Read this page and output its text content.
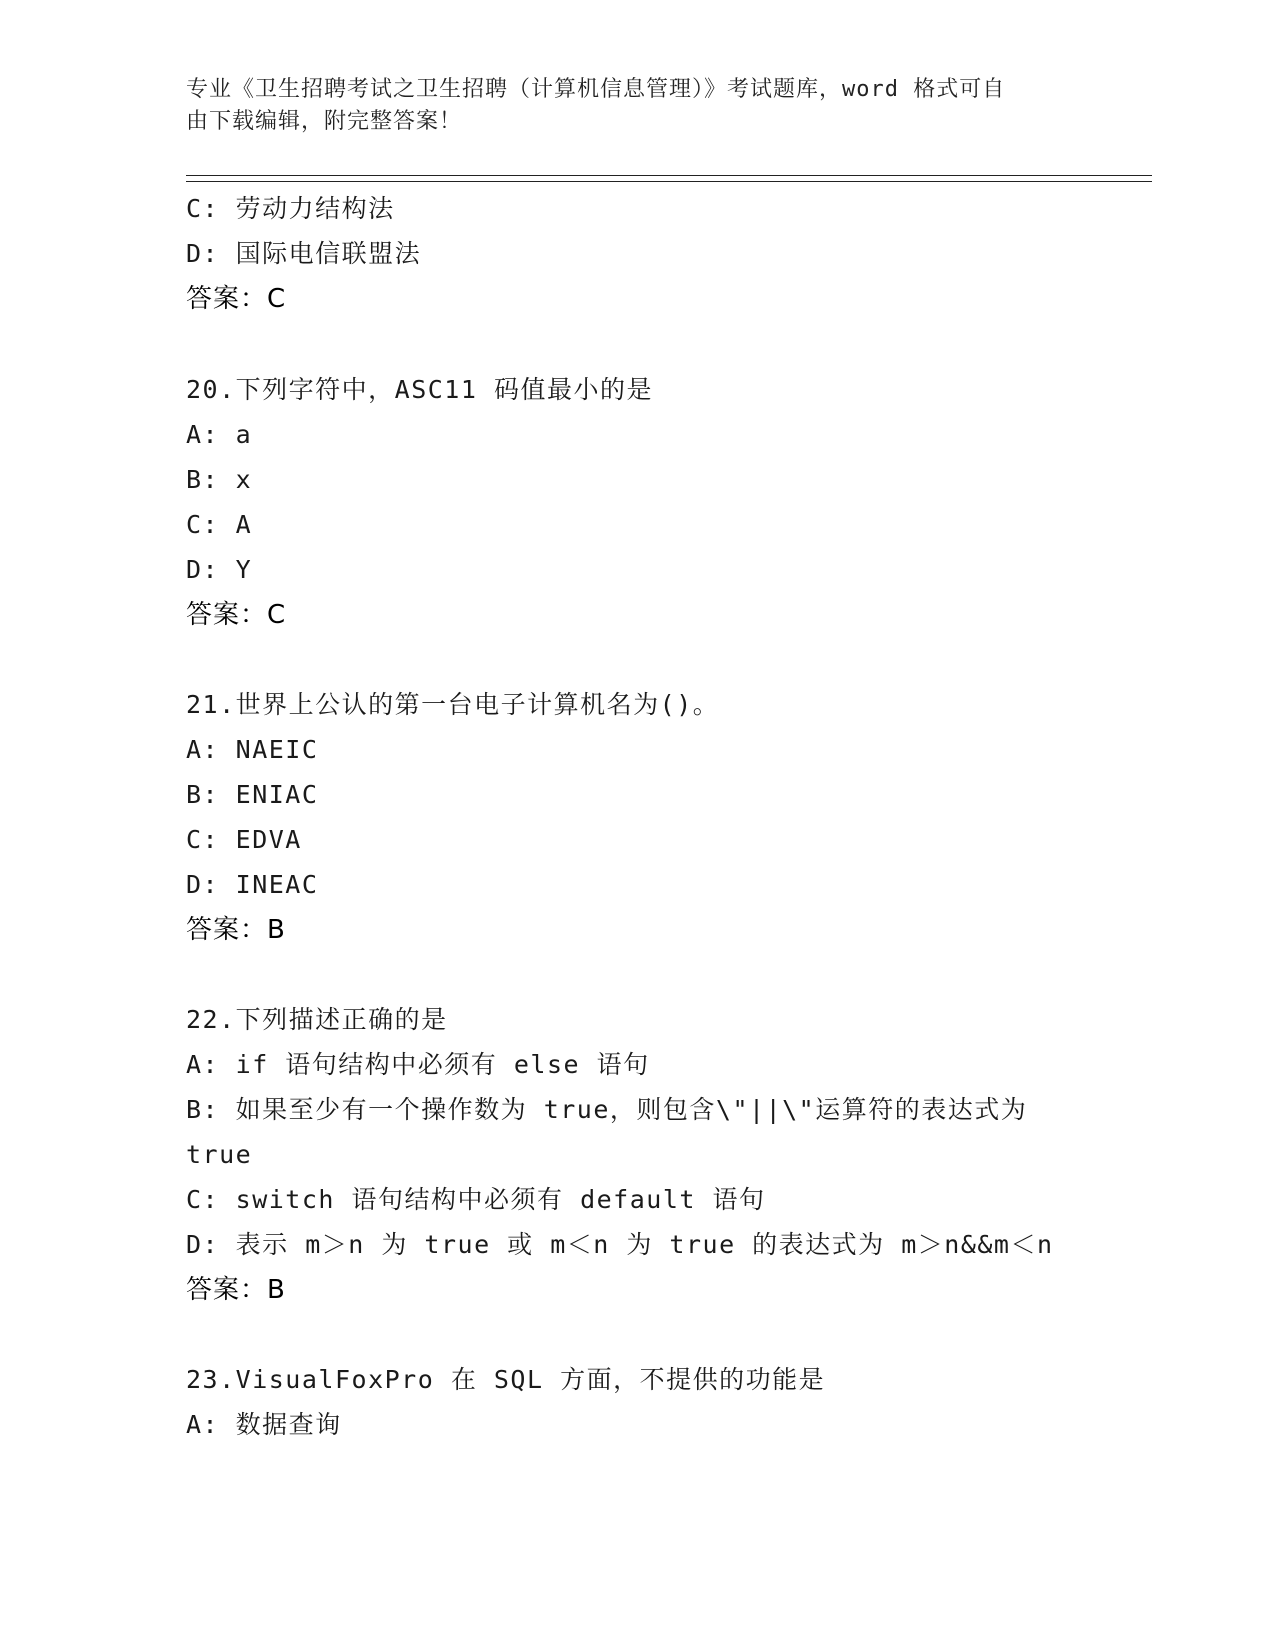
专业《卫生招聘考试之卫生招聘（计算机信息管理）》考试题库，word 格式可自
由下载编辑，附完整答案！
C: 劳动力结构法
D: 国际电信联盟法
答案：C
20.下列字符中，ASC11 码值最小的是
A: a
B: x
C: A
D: Y
答案：C
21.世界上公认的第一台电子计算机名为()。
A: NAEIC
B: ENIAC
C: EDVA
D: INEAC
答案：B
22.下列描述正确的是
A: if 语句结构中必须有 else 语句
B: 如果至少有一个操作数为 true，则包含\"||\"运算符的表达式为
true
C: switch 语句结构中必须有 default 语句
D: 表示 m＞n 为 true 或 m＜n 为 true 的表达式为 m＞n&&m＜n
答案：B
23.VisualFoxPro 在 SQL 方面，不提供的功能是
A: 数据查询
